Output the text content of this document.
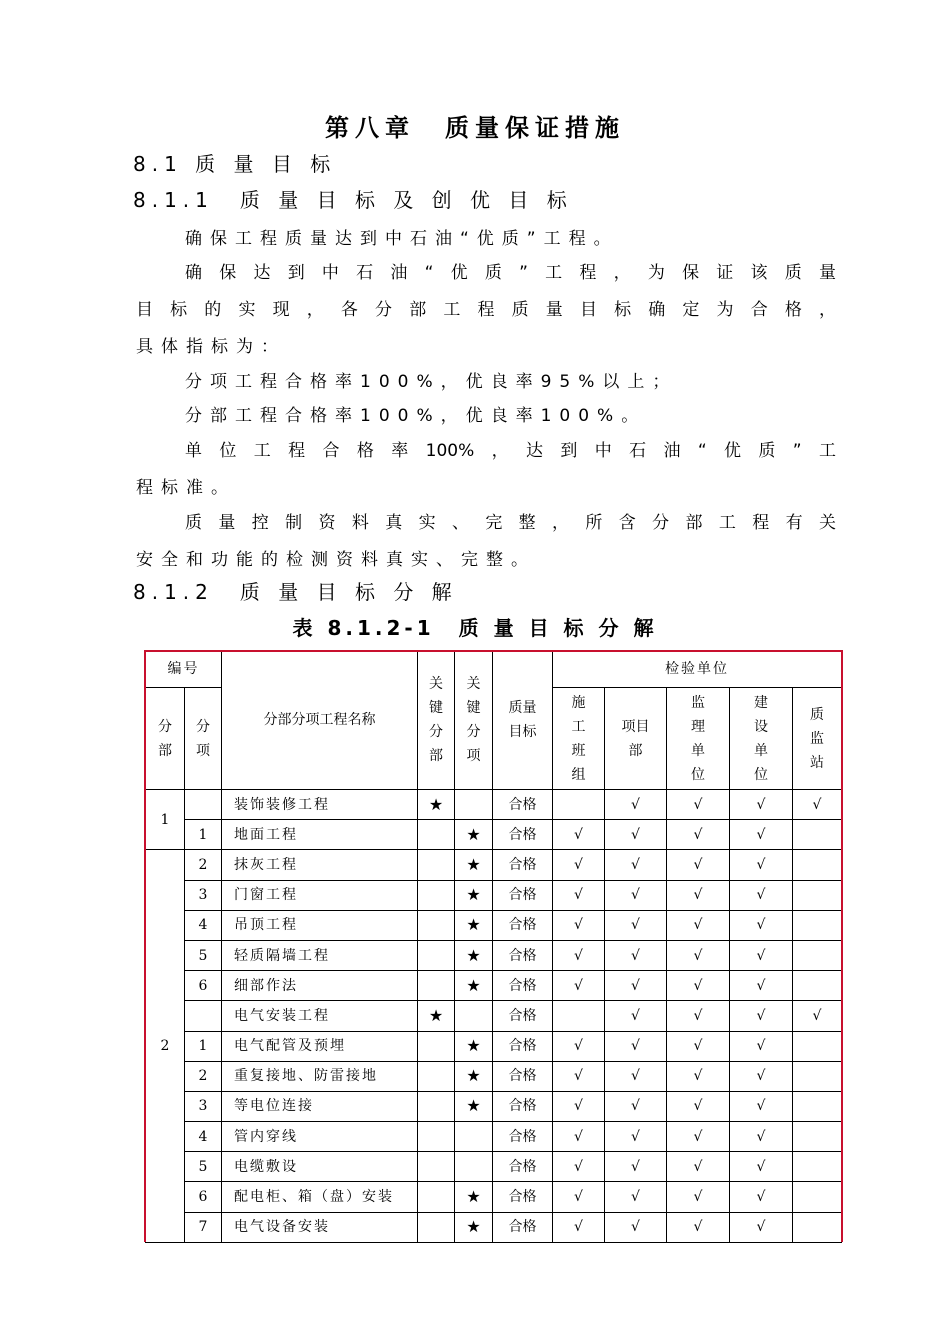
第八章　质量保证措施
8.1 质 量 目 标
8.1.1　质 量 目 标 及 创 优 目 标
确保工程质量达到中石油“优质”工程。
确保达到中石油“优质”工程，为保证该质量
目标的实现，各分部工程质量目标确定为合格，
具体指标为：
分项工程合格率100%，优良率95%以上；
分部工程合格率100%，优良率100%。
单位工程合格率100%，达到中石油“优质”工
程标准。
质量控制资料真实、完整，所含分部工程有关
安全和功能的检测资料真实、完整。
8.1.2　质 量 目 标 分 解
表 8.1.2-1　质 量 目 标 分 解
编号		分部分项工程名称	关键分部	关键分项	质量目标	检验单位				
分部	分项					施工班组	项目部	监理单位	建设单位	质监站
1		装饰装修工程	★		合格		√	√	√	√
	1	地面工程		★	合格	√	√	√	√	
2	2	抹灰工程		★	合格	√	√	√	√	
	3	门窗工程		★	合格	√	√	√	√	
	4	吊顶工程		★	合格	√	√	√	√	
	5	轻质隔墙工程		★	合格	√	√	√	√	
	6	细部作法		★	合格	√	√	√	√	
		电气安装工程	★		合格		√	√	√	√
	1	电气配管及预埋		★	合格	√	√	√	√	
	2	重复接地、防雷接地		★	合格	√	√	√	√	
	3	等电位连接		★	合格	√	√	√	√	
	4	管内穿线			合格	√	√	√	√	
	5	电缆敷设			合格	√	√	√	√	
	6	配电柜、箱（盘）安装		★	合格	√	√	√	√	
	7	电气设备安装		★	合格	√	√	√	√	
